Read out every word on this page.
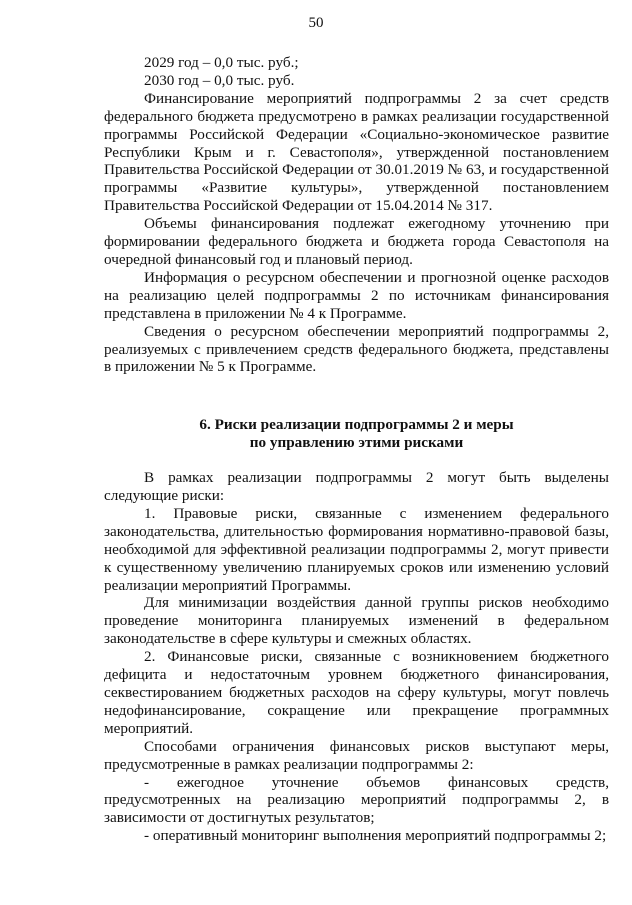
50

2029 год – 0,0 тыс. руб.;

2030 год – 0,0 тыс. руб.

Финансирование мероприятий подпрограммы 2 за счет средств федерального бюджета предусмотрено в рамках реализации государственной программы Российской Федерации «Социально-экономическое развитие Республики Крым и г. Севастополя», утвержденной постановлением Правительства Российской Федерации от 30.01.2019 № 63, и государственной программы «Развитие культуры», утвержденной постановлением Правительства Российской Федерации от 15.04.2014 № 317.

Объемы финансирования подлежат ежегодному уточнению при формировании федерального бюджета и бюджета города Севастополя на очередной финансовый год и плановый период.

Информация о ресурсном обеспечении и прогнозной оценке расходов на реализацию целей подпрограммы 2 по источникам финансирования представлена в приложении № 4 к Программе.

Сведения о ресурсном обеспечении мероприятий подпрограммы 2, реализуемых с привлечением средств федерального бюджета, представлены в приложении № 5 к Программе.

6. Риски реализации подпрограммы 2 и меры

по управлению этими рисками

В рамках реализации подпрограммы 2 могут быть выделены следующие риски:

1. Правовые риски, связанные с изменением федерального законодательства, длительностью формирования нормативно-правовой базы, необходимой для эффективной реализации подпрограммы 2, могут привести к существенному увеличению планируемых сроков или изменению условий реализации мероприятий Программы.

Для минимизации воздействия данной группы рисков необходимо проведение мониторинга планируемых изменений в федеральном законодательстве в сфере культуры и смежных областях.

2. Финансовые риски, связанные с возникновением бюджетного дефицита и недостаточным уровнем бюджетного финансирования, секвестированием бюджетных расходов на сферу культуры, могут повлечь недофинансирование, сокращение или прекращение программных мероприятий.

Способами ограничения финансовых рисков выступают меры, предусмотренные в рамках реализации подпрограммы 2:

- ежегодное уточнение объемов финансовых средств, предусмотренных на реализацию мероприятий подпрограммы 2, в зависимости от достигнутых результатов;

- оперативный мониторинг выполнения мероприятий подпрограммы 2;
